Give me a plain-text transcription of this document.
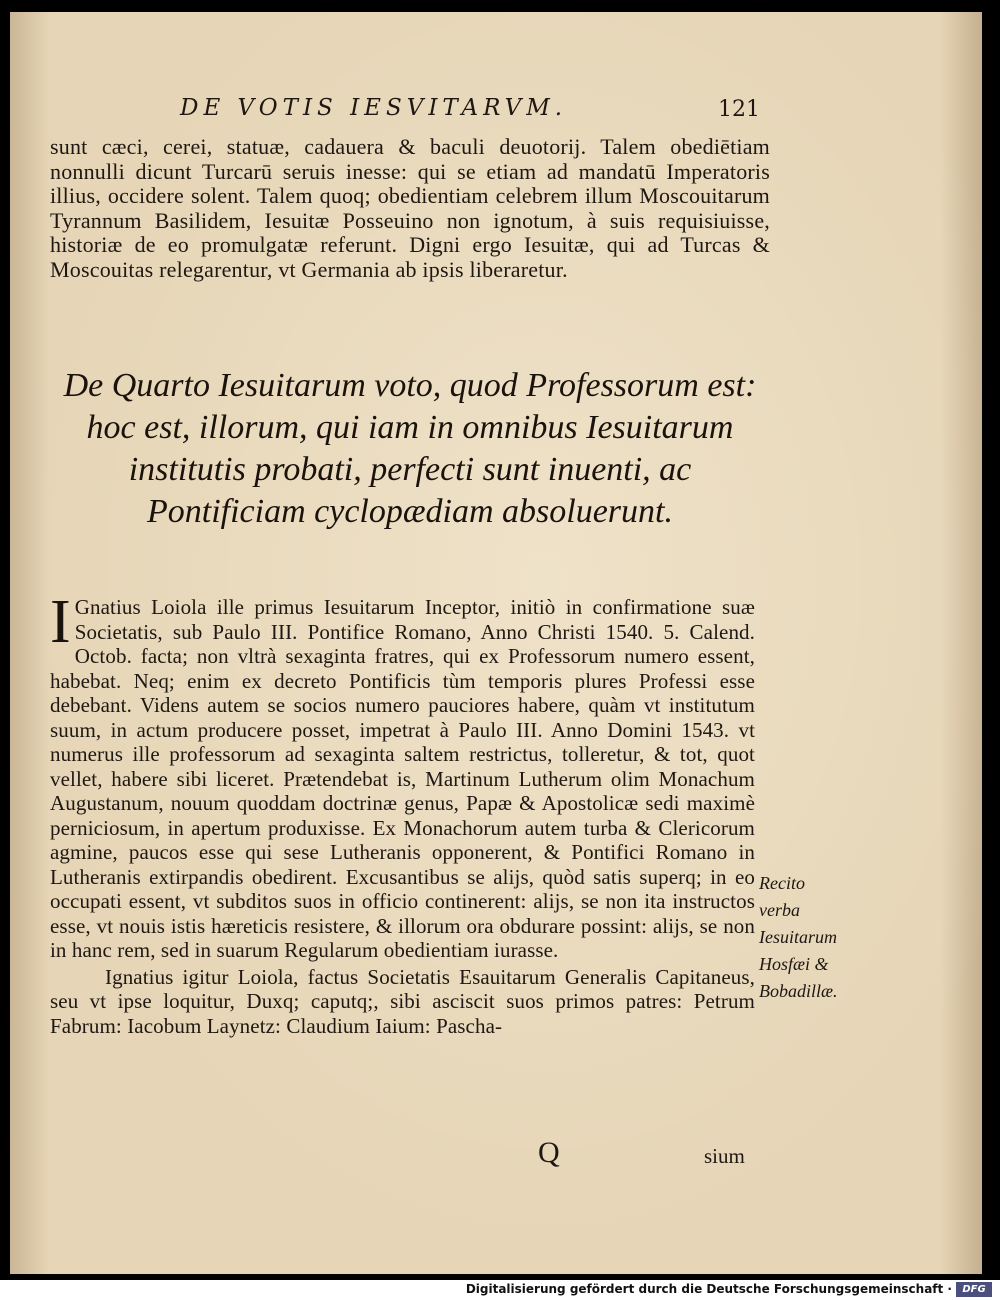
DE VOTIS IESVITARVM.	121
sunt cæci, cerei, statuæ, cadauera & baculi deuotorij. Talem obediētiam nonnulli dicunt Turcarū seruis inesse: qui se etiam ad mandatū Imperatoris illius, occidere solent. Talem quoq; obedientiam celebrem illum Moscouitarum Tyrannum Basilidem, Iesuitæ Posseuino non ignotum, à suis requisiuisse, historiæ de eo promulgatæ referunt. Digni ergo Iesuitæ, qui ad Turcas & Moscouitas relegarentur, vt Germania ab ipsis liberaretur.
De Quarto Iesuitarum voto, quod Professorum est: hoc est, illorum, qui iam in omnibus Iesuitarum institutis probati, perfecti sunt inuenti, ac Pontificiam cyclopædiam absoluerunt.
I Gnatius Loiola ille primus Iesuitarum Inceptor, initiò in confirmatione suæ Societatis, sub Paulo III. Pontifice Romano, Anno Christi 1540. 5. Calend. Octob. facta; non vltrà sexaginta fratres, qui ex Professorum numero essent, habebat. Neq; enim ex decreto Pontificis tùm temporis plures Professi esse debebant. Videns autem se socios numero pauciores habere, quàm vt institutum suum, in actum producere posset, impetrat à Paulo III. Anno Domini 1543. vt numerus ille professorum ad sexaginta saltem restrictus, tolleretur, & tot, quot vellet, habere sibi liceret. Prætendebat is, Martinum Lutherum olim Monachum Augustanum, nouum quoddam doctrinæ genus, Papæ & Apostolicæ sedi maximè perniciosum, in apertum produxisse. Ex Monachorum autem turba & Clericorum agmine, paucos esse qui sese Lutheranis opponerent, & Pontifici Romano in Lutheranis extirpandis obedirent. Excusantibus se alijs, quòd satis superq; in eo occupati essent, vt subditos suos in officio continerent: alijs, se non ita instructos esse, vt nouis istis hæreticis resistere, & illorum ora obdurare possint: alijs, se non in hanc rem, sed in suarum Regularum obedientiam iurasse.
Ignatius igitur Loiola, factus Societatis Esauitarum Generalis Capitaneus, seu vt ipse loquitur, Duxq; caputq;, sibi asciscit suos primos patres: Petrum Fabrum: Iacobum Laynetz: Claudium Iaium: Pascha-
Recito verba Iesuitarum Hosfæi & Bobadillæ.
Q	sium
Digitalisierung gefördert durch die Deutsche Forschungsgemeinschaft ·	DFG
